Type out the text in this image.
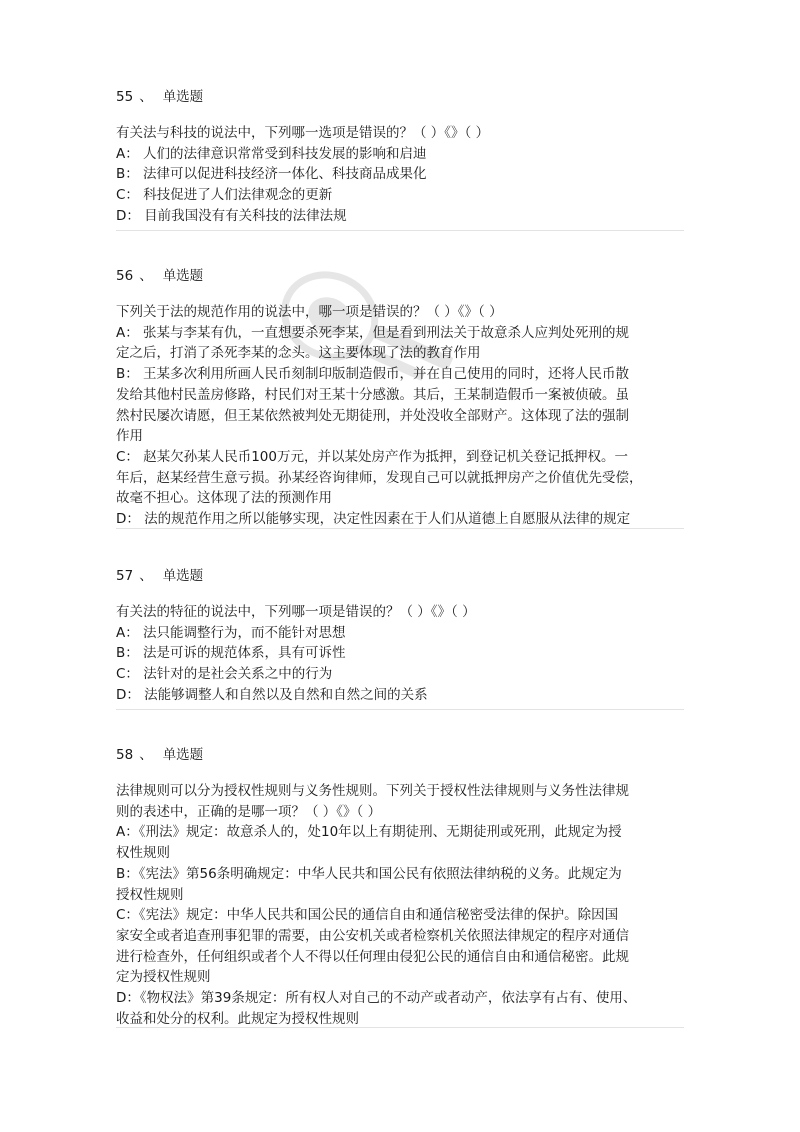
55 、 单选题
有关法与科技的说法中，下列哪一选项是错误的？（ ）《》（ ）
A： 人们的法律意识常常受到科技发展的影响和启迪
B： 法律可以促进科技经济一体化、科技商品成果化
C： 科技促进了人们法律观念的更新
D： 目前我国没有有关科技的法律法规
56 、 单选题
下列关于法的规范作用的说法中，哪一项是错误的？（ ）《》（ ）
A： 张某与李某有仇，一直想要杀死李某，但是看到刑法关于故意杀人应判处死刑的规
定之后，打消了杀死李某的念头。这主要体现了法的教育作用
B： 王某多次利用所画人民币刻制印版制造假币，并在自己使用的同时，还将人民币散
发给其他村民盖房修路，村民们对王某十分感激。其后，王某制造假币一案被侦破。虽
然村民屡次请愿，但王某依然被判处无期徒刑，并处没收全部财产。这体现了法的强制
作用
C： 赵某欠孙某人民币100万元，并以某处房产作为抵押，到登记机关登记抵押权。一
年后，赵某经营生意亏损。孙某经咨询律师，发现自己可以就抵押房产之价值优先受偿，
故毫不担心。这体现了法的预测作用
D： 法的规范作用之所以能够实现，决定性因素在于人们从道德上自愿服从法律的规定
57 、 单选题
有关法的特征的说法中，下列哪一项是错误的？（ ）《》（ ）
A： 法只能调整行为，而不能针对思想
B： 法是可诉的规范体系，具有可诉性
C： 法针对的是社会关系之中的行为
D： 法能够调整人和自然以及自然和自然之间的关系
58 、 单选题
法律规则可以分为授权性规则与义务性规则。下列关于授权性法律规则与义务性法律规
则的表述中，正确的是哪一项？（ ）《》（ ）
A：《刑法》规定：故意杀人的，处10年以上有期徒刑、无期徒刑或死刑，此规定为授
权性规则
B：《宪法》第56条明确规定：中华人民共和国公民有依照法律纳税的义务。此规定为
授权性规则
C：《宪法》规定：中华人民共和国公民的通信自由和通信秘密受法律的保护。除因国
家安全或者追查刑事犯罪的需要，由公安机关或者检察机关依照法律规定的程序对通信
进行检查外，任何组织或者个人不得以任何理由侵犯公民的通信自由和通信秘密。此规
定为授权性规则
D：《物权法》第39条规定：所有权人对自己的不动产或者动产，依法享有占有、使用、
收益和处分的权利。此规定为授权性规则
